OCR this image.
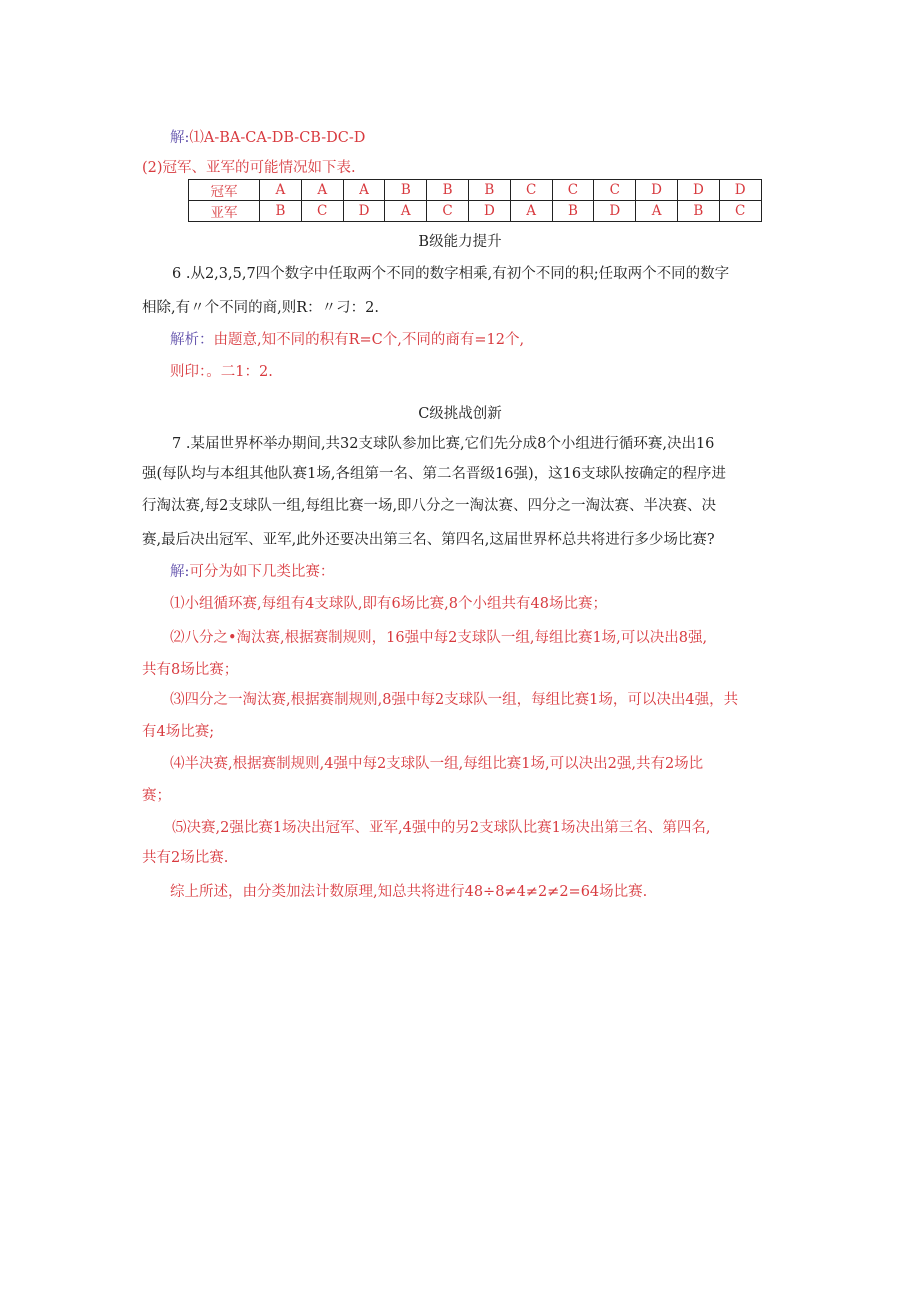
解:⑴A-BA-CA-DB-CB-DC-D
(2)冠军、亚军的可能情况如下表.
冠军	A	A	A	B	B	B	C	C	C	D	D	D
亚军	B	C	D	A	C	D	A	B	D	A	B	C
B级能力提升
6 .从2,3,5,7四个数字中任取两个不同的数字相乘,有初个不同的积;任取两个不同的数字
相除,有〃个不同的商,则R：〃刁：2.
解析：由题意,知不同的积有R=C个,不同的商有=12个,
则印：。二1：2.
C级挑战创新
7 .某届世界杯举办期间,共32支球队参加比赛,它们先分成8个小组进行循环赛,决出16
强(每队均与本组其他队赛1场,各组第一名、第二名晋级16强)，这16支球队按确定的程序进
行淘汰赛,每2支球队一组,每组比赛一场,即八分之一淘汰赛、四分之一淘汰赛、半决赛、决
赛,最后决出冠军、亚军,此外还要决出第三名、第四名,这届世界杯总共将进行多少场比赛?
解:可分为如下几类比赛：
⑴小组循环赛,每组有4支球队,即有6场比赛,8个小组共有48场比赛；
⑵八分之•淘汰赛,根据赛制规则，16强中每2支球队一组,每组比赛1场,可以决出8强,
共有8场比赛；
⑶四分之一淘汰赛,根据赛制规则,8强中每2支球队一组，每组比赛1场，可以决出4强，共
有4场比赛;
⑷半决赛,根据赛制规则,4强中每2支球队一组,每组比赛1场,可以决出2强,共有2场比
赛；
⑸决赛,2强比赛1场决出冠军、亚军,4强中的另2支球队比赛1场决出第三名、第四名,
共有2场比赛.
综上所述，由分类加法计数原理,知总共将进行48÷8≠4≠2≠2=64场比赛.
